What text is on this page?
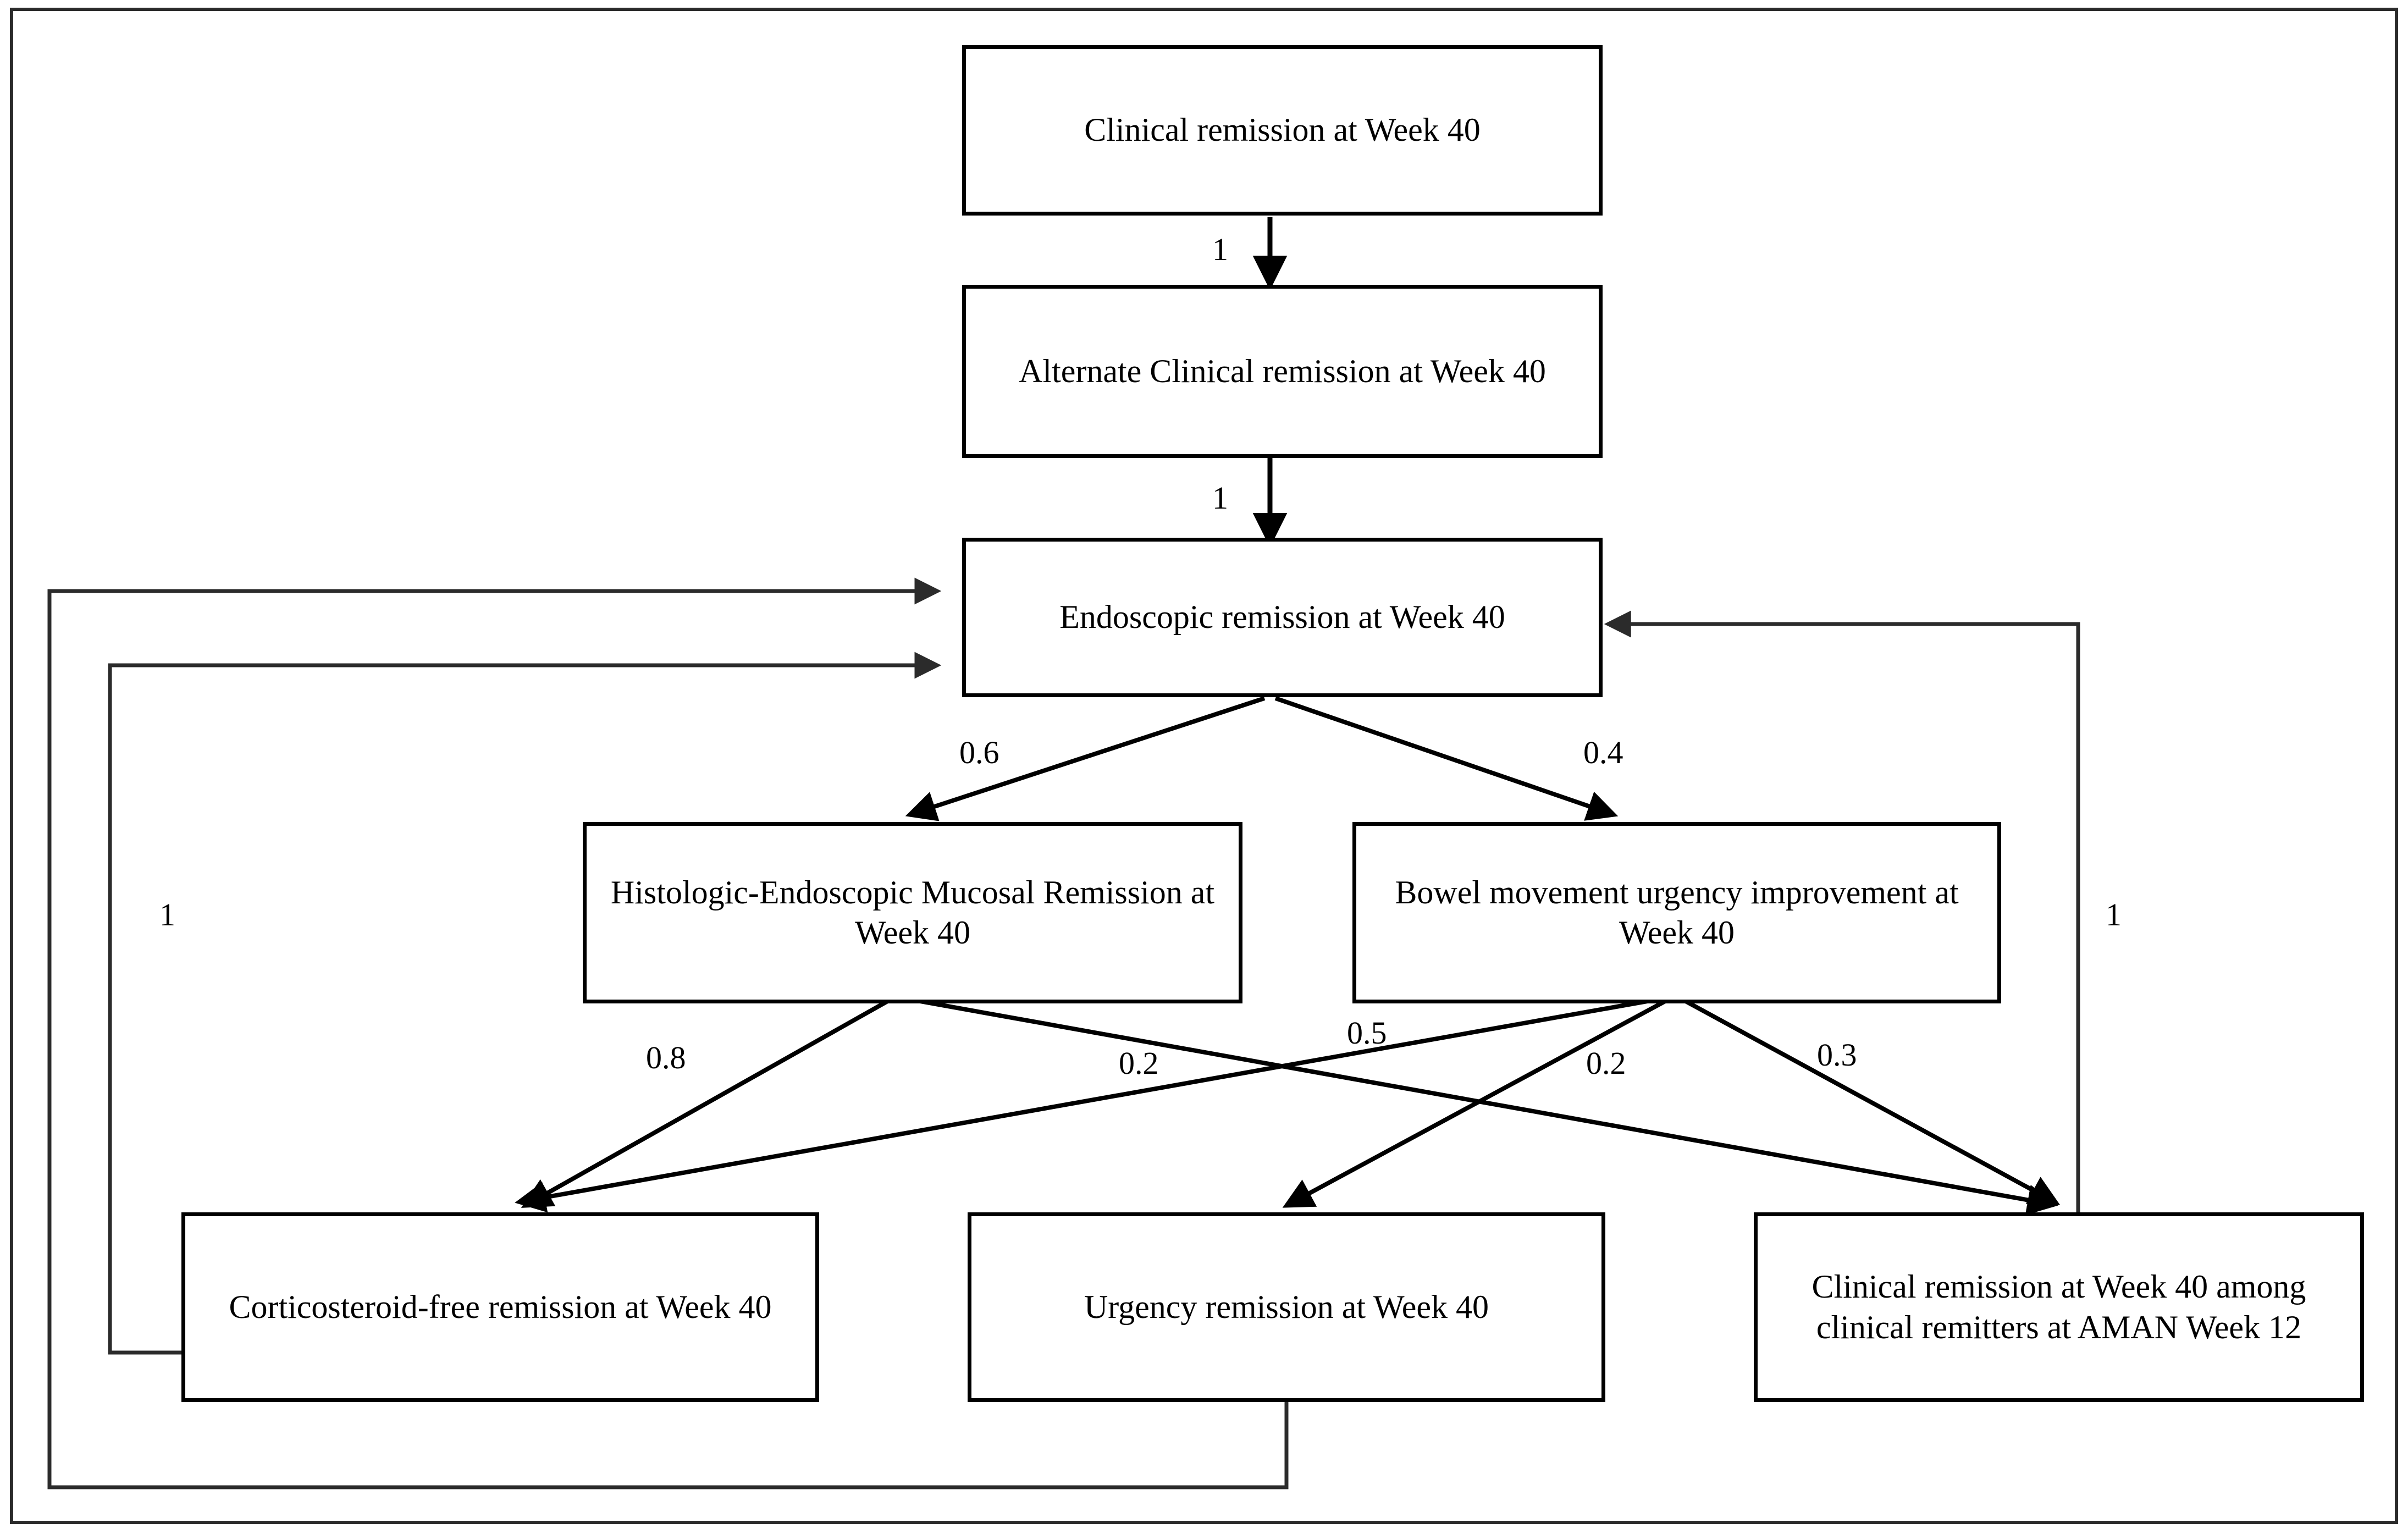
Clinical remission at Week 40
Alternate Clinical remission at Week 40
Endoscopic remission at Week 40
Histologic-Endoscopic Mucosal Remission at Week 40
Bowel movement urgency improvement at Week 40
Corticosteroid-free remission at Week 40	Urgency remission at Week 40
Clinical remission at Week 40 among clinical remitters at AMAN Week 12
1
1
0.6	0.4
0.8	0.2
0.5
0.2	0.3
1	1
